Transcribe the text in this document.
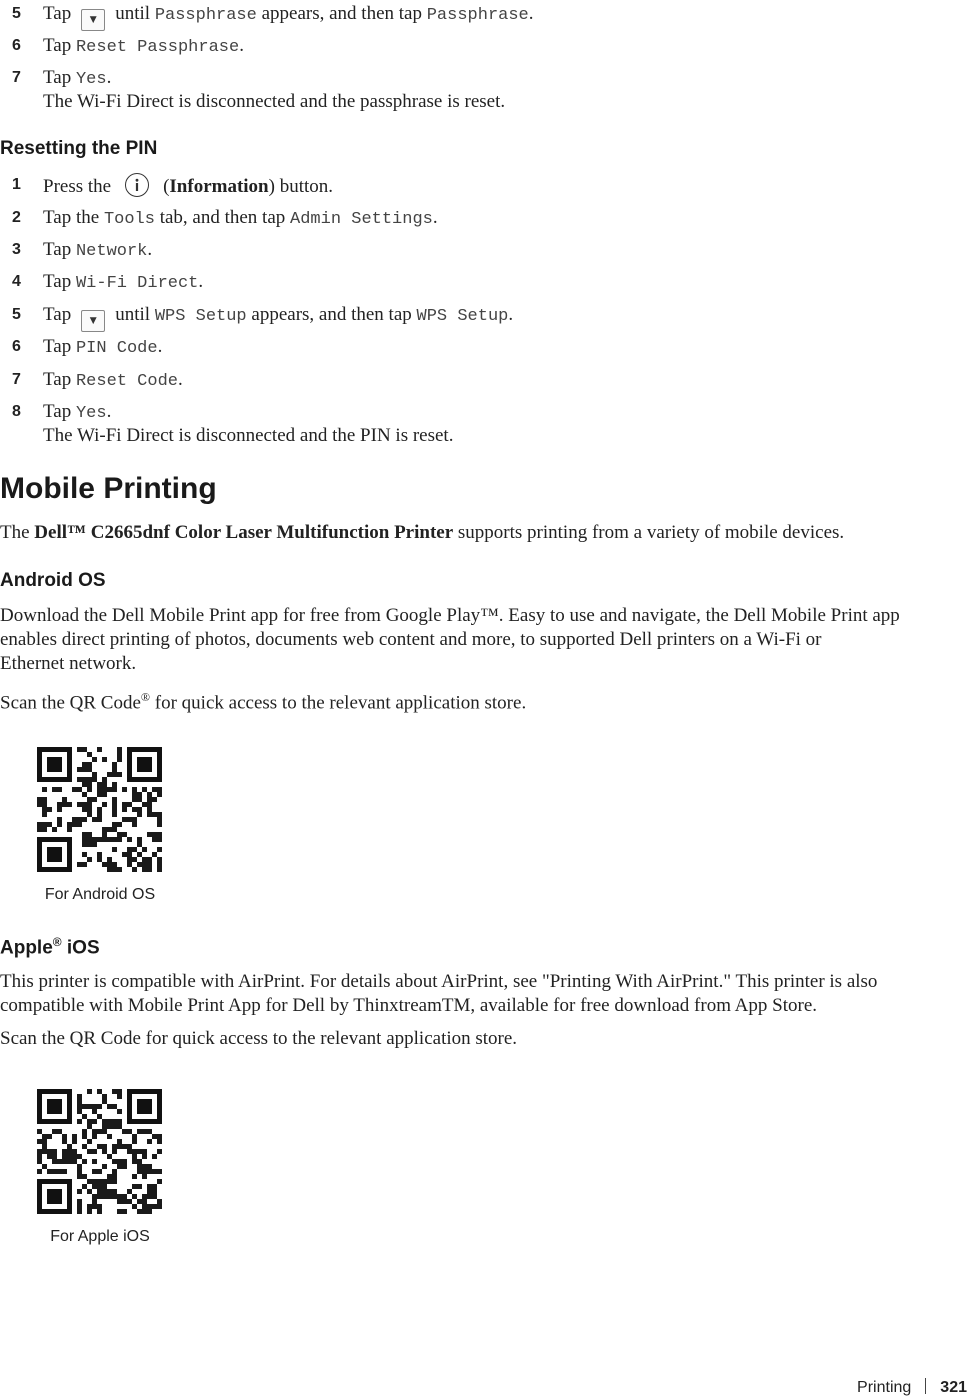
5 Tap ▼ until Passphrase appears, and then tap Passphrase.
6 Tap Reset Passphrase.
7 Tap Yes.
The Wi-Fi Direct is disconnected and the passphrase is reset.
Resetting the PIN
1 Press the	(Information) button.
2 Tap the Tools tab, and then tap Admin Settings.
3 Tap Network.
4 Tap Wi-Fi Direct.
5 Tap ▼ until WPS Setup appears, and then tap WPS Setup.
6 Tap PIN Code.
7 Tap Reset Code.
8 Tap Yes.
The Wi-Fi Direct is disconnected and the PIN is reset.
Mobile Printing
The Dell™ C2665dnf Color Laser Multifunction Printer supports printing from a variety of mobile devices.
Android OS
Download the Dell Mobile Print app for free from Google Play™. Easy to use and navigate, the Dell Mobile Print app
enables direct printing of photos, documents web content and more, to supported Dell printers on a Wi-Fi or
Ethernet network.
Scan the QR Code® for quick access to the relevant application store.
For Android OS
Apple® iOS
This printer is compatible with AirPrint. For details about AirPrint, see "Printing With AirPrint." This printer is also
compatible with Mobile Print App for Dell by ThinxtreamTM, available for free download from App Store.
Scan the QR Code for quick access to the relevant application store.
For Apple iOS
Printing 321
